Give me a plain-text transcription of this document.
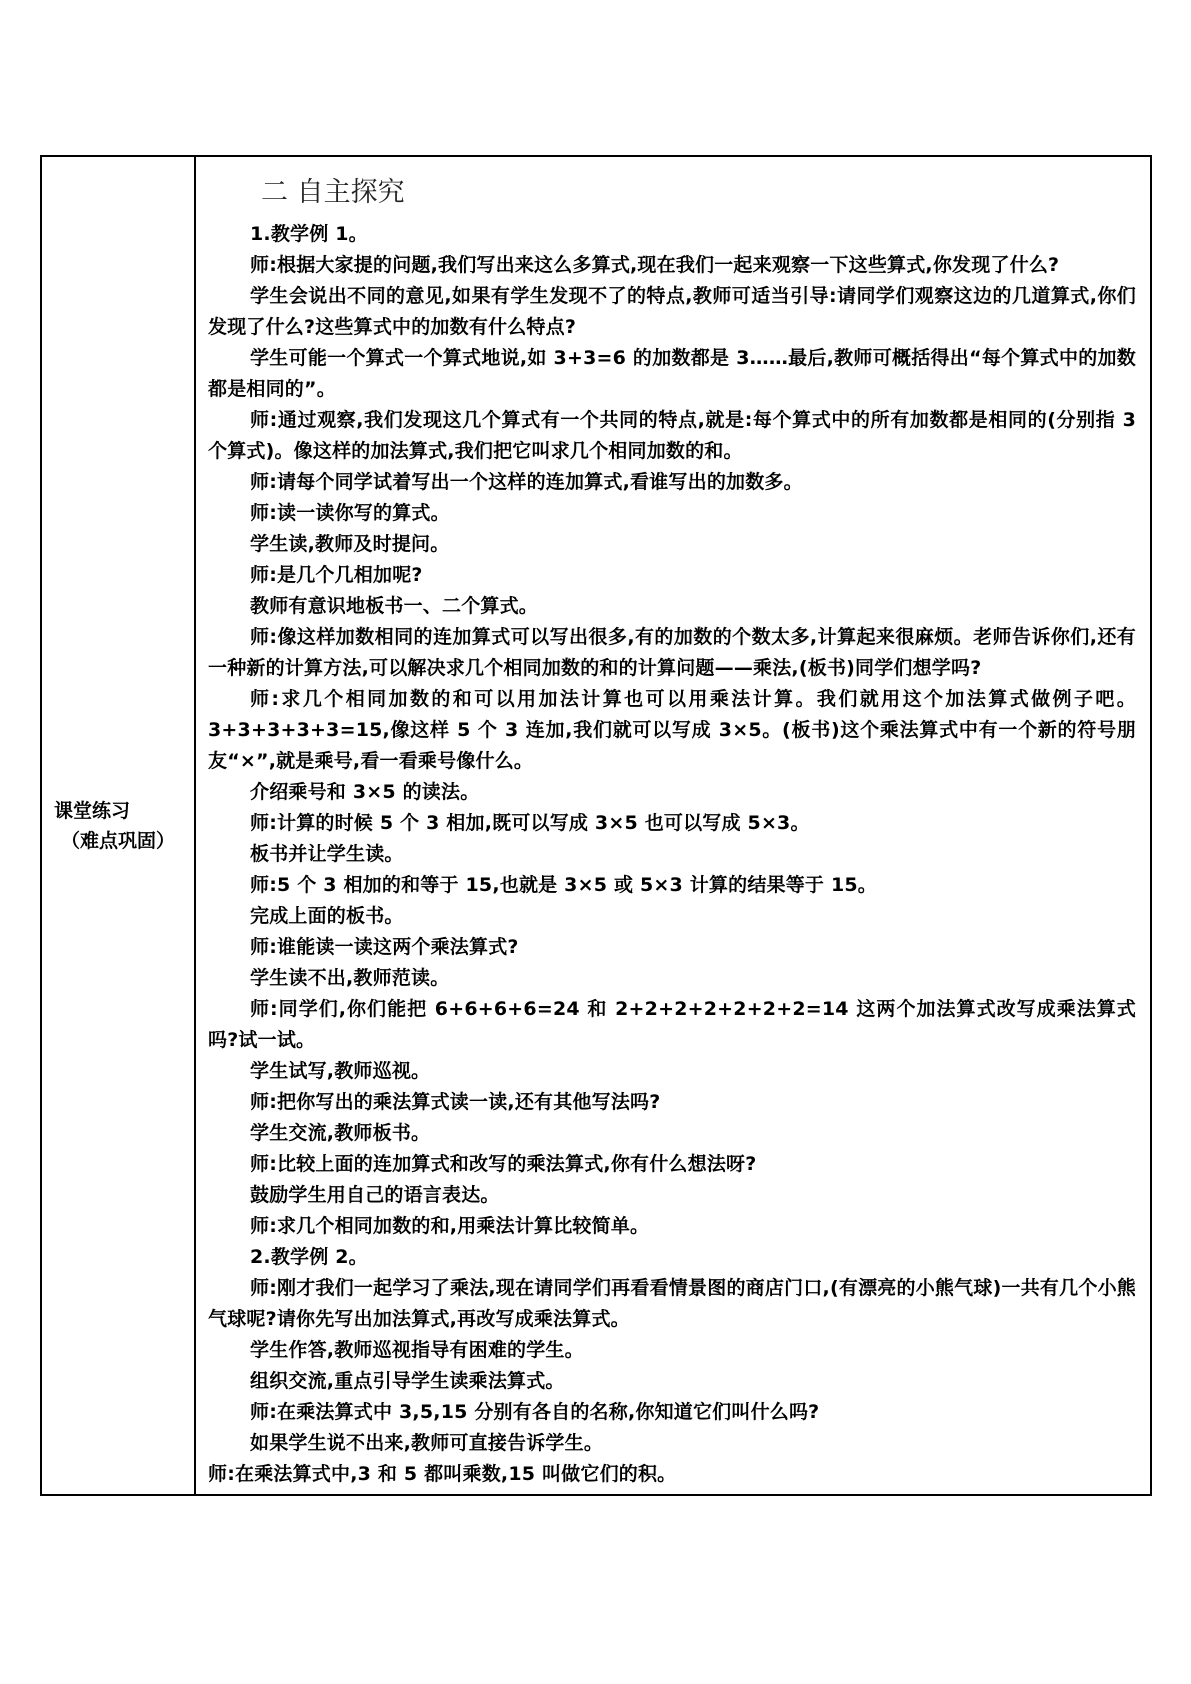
课堂练习
（难点巩固）

二 自主探究

1.教学例 1。

师:根据大家提的问题,我们写出来这么多算式,现在我们一起来观察一下这些算式,你发现了什么?

学生会说出不同的意见,如果有学生发现不了的特点,教师可适当引导:请同学们观察这边的几道算式,你们发现了什么?这些算式中的加数有什么特点?

学生可能一个算式一个算式地说,如 3+3=6 的加数都是 3……最后,教师可概括得出“每个算式中的加数都是相同的”。

师:通过观察,我们发现这几个算式有一个共同的特点,就是:每个算式中的所有加数都是相同的(分别指 3 个算式)。像这样的加法算式,我们把它叫求几个相同加数的和。

师:请每个同学试着写出一个这样的连加算式,看谁写出的加数多。

师:读一读你写的算式。

学生读,教师及时提问。

师:是几个几相加呢?

教师有意识地板书一、二个算式。

师:像这样加数相同的连加算式可以写出很多,有的加数的个数太多,计算起来很麻烦。老师告诉你们,还有一种新的计算方法,可以解决求几个相同加数的和的计算问题——乘法,(板书)同学们想学吗?

师:求几个相同加数的和可以用加法计算也可以用乘法计算。我们就用这个加法算式做例子吧。3+3+3+3+3=15,像这样 5 个 3 连加,我们就可以写成 3×5。(板书)这个乘法算式中有一个新的符号朋友“×”,就是乘号,看一看乘号像什么。

介绍乘号和 3×5 的读法。

师:计算的时候 5 个 3 相加,既可以写成 3×5 也可以写成 5×3。

板书并让学生读。

师:5 个 3 相加的和等于 15,也就是 3×5 或 5×3 计算的结果等于 15。

完成上面的板书。

师:谁能读一读这两个乘法算式?

学生读不出,教师范读。

师:同学们,你们能把 6+6+6+6=24 和 2+2+2+2+2+2+2=14 这两个加法算式改写成乘法算式吗?试一试。

学生试写,教师巡视。

师:把你写出的乘法算式读一读,还有其他写法吗?

学生交流,教师板书。

师:比较上面的连加算式和改写的乘法算式,你有什么想法呀?

鼓励学生用自己的语言表达。

师:求几个相同加数的和,用乘法计算比较简单。

2.教学例 2。

师:刚才我们一起学习了乘法,现在请同学们再看看情景图的商店门口,(有漂亮的小熊气球)一共有几个小熊气球呢?请你先写出加法算式,再改写成乘法算式。

学生作答,教师巡视指导有困难的学生。

组织交流,重点引导学生读乘法算式。

师:在乘法算式中 3,5,15 分别有各自的名称,你知道它们叫什么吗?

如果学生说不出来,教师可直接告诉学生。

师:在乘法算式中,3 和 5 都叫乘数,15 叫做它们的积。
